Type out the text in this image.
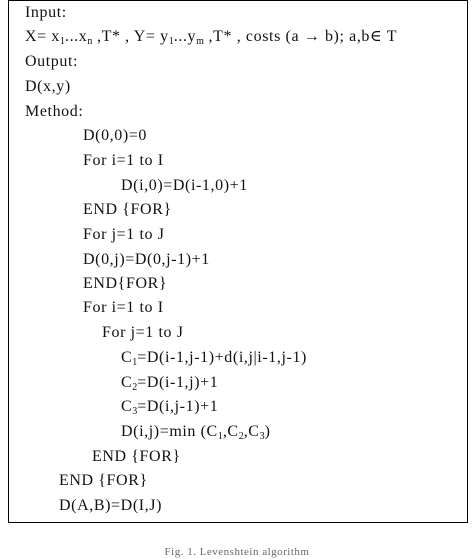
Input:
$X= x_1...x_n$ ,T* , $Y= y_1...y_m$ ,T* , costs (a → b); a,b∈ T
Output:
D(x,y)
Method:
D(0,0)=0
For i=1 to I
D(i,0)=D(i-1,0)+1
END {FOR}
For j=1 to J
D(0,j)=D(0,j-1)+1
END{FOR}
For i=1 to I
For j=1 to J
$C_1=D(i-1,j-1)+d(i,j|i-1,j-1)$
$C_2=D(i-1,j)+1$
$C_3=D(i,j-1)+1$
D(i,j)=min $(C_1,C_2,C_3)$
END {FOR}
END {FOR}
D(A,B)=D(I,J)
Fig. 1. Levenshtein algorithm
